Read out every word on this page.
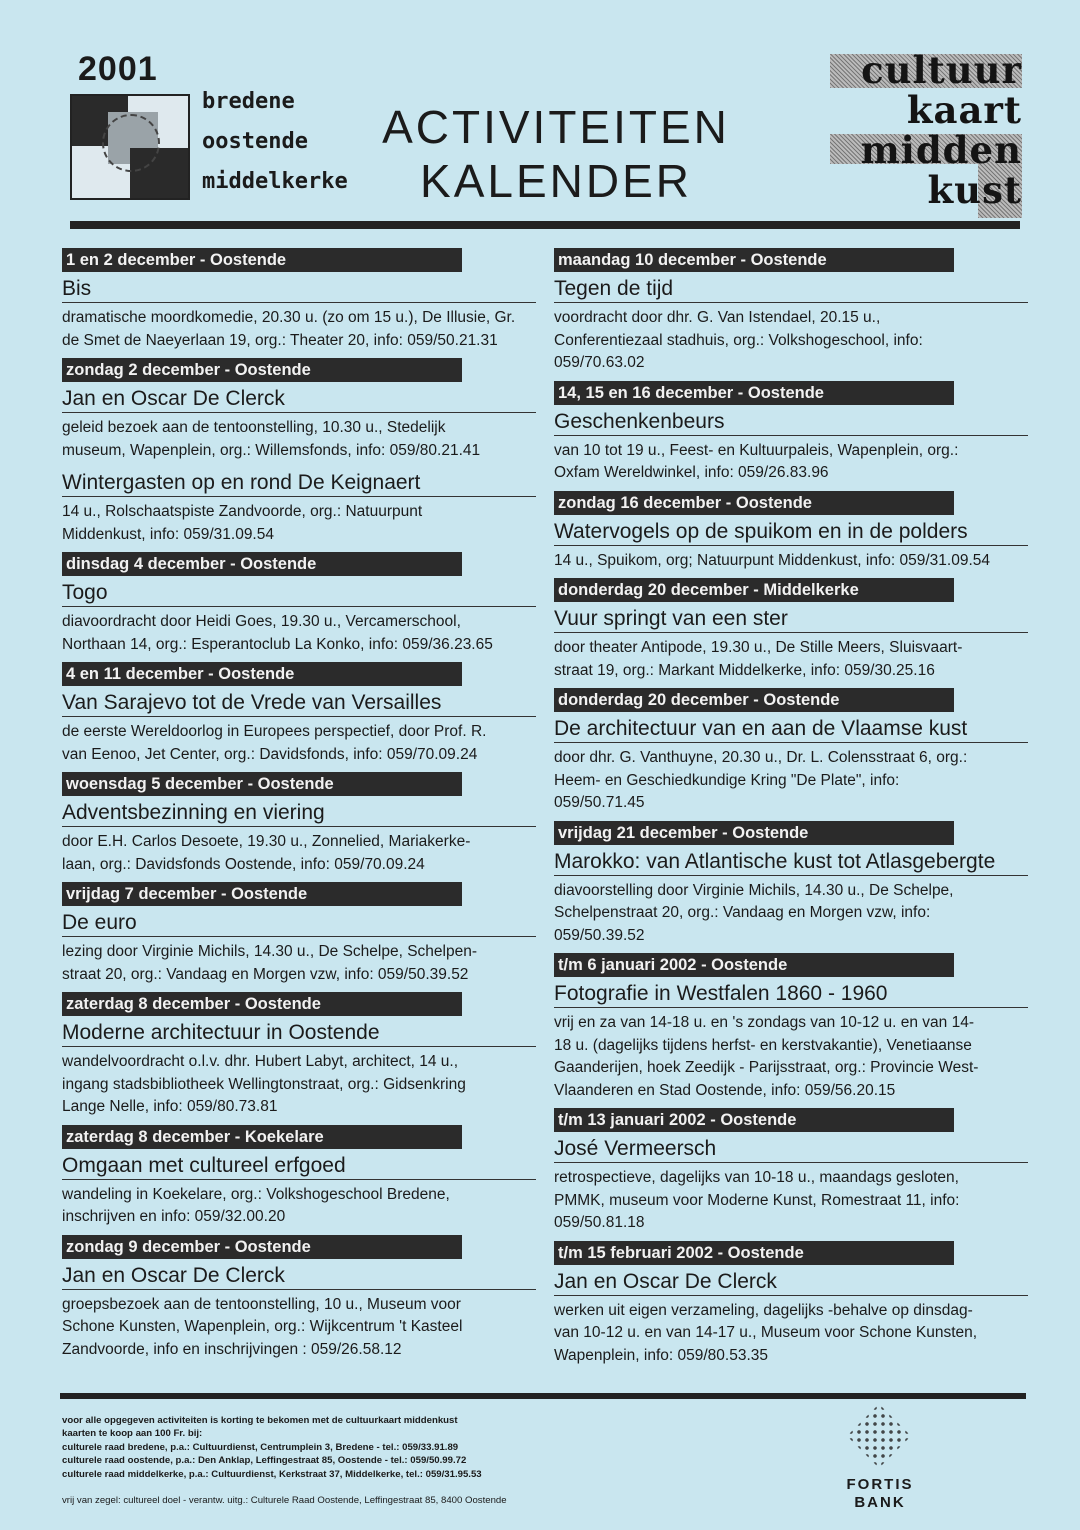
2001
bredene
oostende
middelkerke
ACTIVITEITEN
KALENDER
cultuur
kaart
midden
kust
1 en 2 december - Oostende
Bis
dramatische moordkomedie, 20.30 u. (zo om 15 u.), De Illusie, Gr.
de Smet de Naeyerlaan 19, org.: Theater 20, info: 059/50.21.31
zondag 2 december - Oostende
Jan en Oscar De Clerck
geleid bezoek aan de tentoonstelling, 10.30 u., Stedelijk
museum, Wapenplein, org.: Willemsfonds, info: 059/80.21.41
Wintergasten op en rond De Keignaert
14 u., Rolschaatspiste Zandvoorde, org.: Natuurpunt
Middenkust, info: 059/31.09.54
dinsdag 4 december - Oostende
Togo
diavoordracht door Heidi Goes, 19.30 u., Vercamerschool,
Northaan 14, org.: Esperantoclub La Konko, info: 059/36.23.65
4 en 11 december - Oostende
Van Sarajevo tot de Vrede van Versailles
de eerste Wereldoorlog in Europees perspectief, door Prof. R.
van Eenoo, Jet Center, org.: Davidsfonds, info: 059/70.09.24
woensdag 5 december - Oostende
Adventsbezinning en viering
door E.H. Carlos Desoete, 19.30 u., Zonnelied, Mariakerke-
laan, org.: Davidsfonds Oostende, info: 059/70.09.24
vrijdag 7 december - Oostende
De euro
lezing door Virginie Michils, 14.30 u., De Schelpe, Schelpen-
straat 20, org.: Vandaag en Morgen vzw, info: 059/50.39.52
zaterdag 8 december - Oostende
Moderne architectuur in Oostende
wandelvoordracht o.l.v. dhr. Hubert Labyt, architect, 14 u.,
ingang stadsbibliotheek Wellingtonstraat, org.: Gidsenkring
Lange Nelle, info: 059/80.73.81
zaterdag 8 december - Koekelare
Omgaan met cultureel erfgoed
wandeling in Koekelare, org.: Volkshogeschool Bredene,
inschrijven en info: 059/32.00.20
zondag 9 december - Oostende
Jan en Oscar De Clerck
groepsbezoek aan de tentoonstelling, 10 u., Museum voor
Schone Kunsten, Wapenplein, org.: Wijkcentrum 't Kasteel
Zandvoorde, info en inschrijvingen : 059/26.58.12
maandag 10 december - Oostende
Tegen de tijd
voordracht door dhr. G. Van Istendael, 20.15 u.,
Conferentiezaal stadhuis, org.: Volkshogeschool, info:
059/70.63.02
14, 15 en 16 december - Oostende
Geschenkenbeurs
van 10 tot 19 u., Feest- en Kultuurpaleis, Wapenplein, org.:
Oxfam Wereldwinkel, info: 059/26.83.96
zondag 16 december - Oostende
Watervogels op de spuikom en in de polders
14 u., Spuikom, org; Natuurpunt Middenkust, info: 059/31.09.54
donderdag 20 december - Middelkerke
Vuur springt van een ster
door theater Antipode, 19.30 u., De Stille Meers, Sluisvaart-
straat 19, org.: Markant Middelkerke, info: 059/30.25.16
donderdag 20 december - Oostende
De architectuur van en aan de Vlaamse kust
door dhr. G. Vanthuyne, 20.30 u., Dr. L. Colensstraat 6, org.:
Heem- en Geschiedkundige Kring "De Plate", info:
059/50.71.45
vrijdag 21 december - Oostende
Marokko: van Atlantische kust tot Atlasgebergte
diavoorstelling door Virginie Michils, 14.30 u., De Schelpe,
Schelpenstraat 20, org.: Vandaag en Morgen vzw, info:
059/50.39.52
t/m 6 januari 2002 - Oostende
Fotografie in Westfalen 1860 - 1960
vrij en za van 14-18 u. en 's zondags van 10-12 u. en van 14-
18 u. (dagelijks tijdens herfst- en kerstvakantie), Venetiaanse
Gaanderijen, hoek Zeedijk - Parijsstraat, org.: Provincie West-
Vlaanderen en Stad Oostende, info: 059/56.20.15
t/m 13 januari 2002 - Oostende
José Vermeersch
retrospectieve, dagelijks van 10-18 u., maandags gesloten,
PMMK, museum voor Moderne Kunst, Romestraat 11, info:
059/50.81.18
t/m 15 februari 2002 - Oostende
Jan en Oscar De Clerck
werken uit eigen verzameling, dagelijks -behalve op dinsdag-
van 10-12 u. en van 14-17 u., Museum voor Schone Kunsten,
Wapenplein, info: 059/80.53.35
voor alle opgegeven activiteiten is korting te bekomen met de cultuurkaart middenkust
kaarten te koop aan 100 Fr. bij:
culturele raad bredene, p.a.: Cultuurdienst, Centrumplein 3, Bredene - tel.: 059/33.91.89
culturele raad oostende, p.a.: Den Anklap, Leffingestraat 85, Oostende - tel.: 059/50.99.72
culturele raad middelkerke, p.a.: Cultuurdienst, Kerkstraat 37, Middelkerke, tel.: 059/31.95.53
vrij van zegel: cultureel doel - verantw. uitg.: Culturele Raad Oostende, Leffingestraat 85, 8400 Oostende
FORTIS
BANK
